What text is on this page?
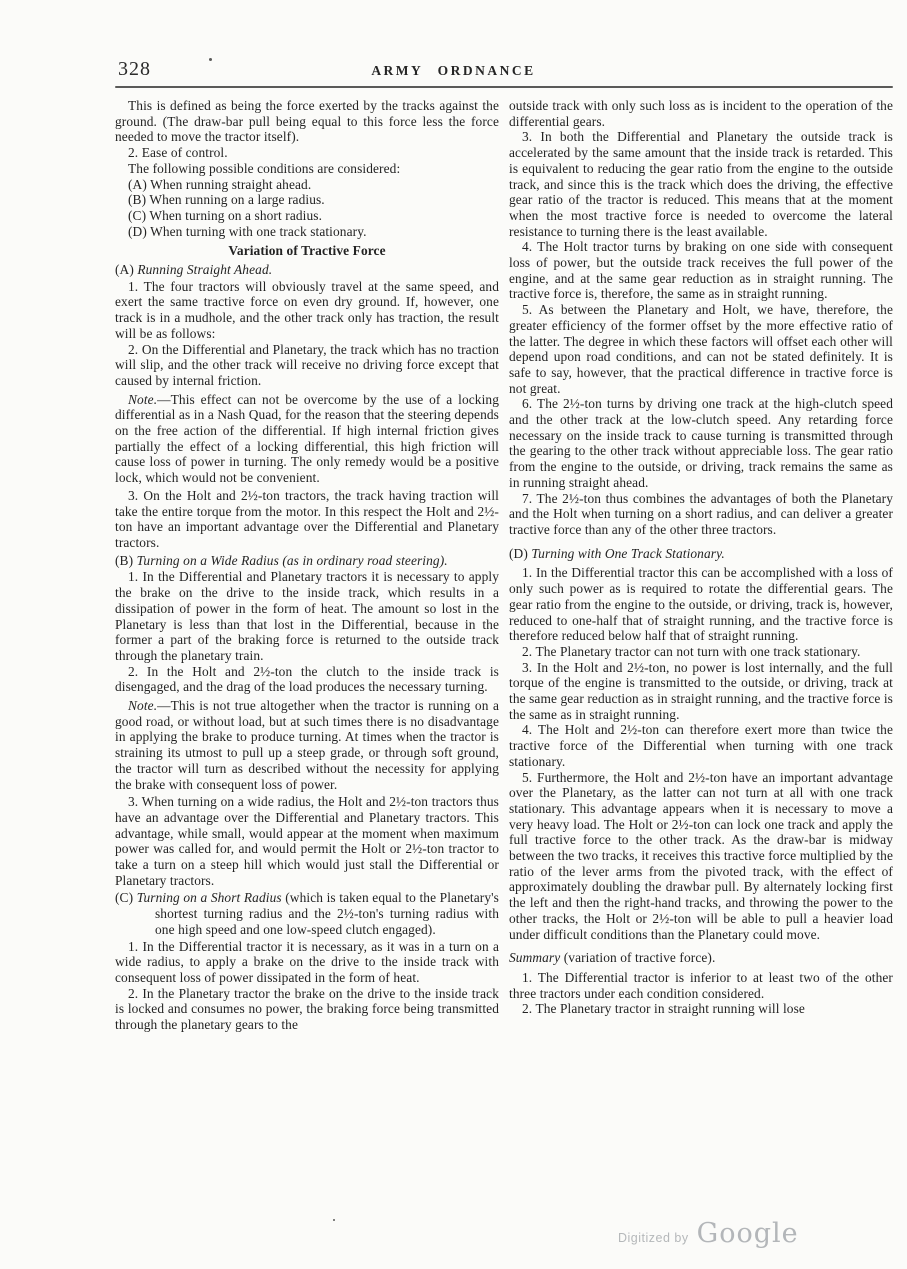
328	ARMY ORDNANCE

This is defined as being the force exerted by the tracks against the ground. (The draw-bar pull being equal to this force less the force needed to move the tractor itself).

2. Ease of control.

The following possible conditions are considered:

(A) When running straight ahead.

(B) When running on a large radius.

(C) When turning on a short radius.

(D) When turning with one track stationary.

Variation of Tractive Force

(A) Running Straight Ahead.

1. The four tractors will obviously travel at the same speed, and exert the same tractive force on even dry ground. If, however, one track is in a mudhole, and the other track only has traction, the result will be as follows:

2. On the Differential and Planetary, the track which has no traction will slip, and the other track will receive no driving force except that caused by internal friction.

Note.—This effect can not be overcome by the use of a locking differential as in a Nash Quad, for the reason that the steering depends on the free action of the differential. If high internal friction gives partially the effect of a locking differential, this high friction will cause loss of power in turning. The only remedy would be a positive lock, which would not be convenient.

3. On the Holt and 2½-ton tractors, the track having traction will take the entire torque from the motor. In this respect the Holt and 2½-ton have an important advantage over the Differential and Planetary tractors.

(B) Turning on a Wide Radius (as in ordinary road steering).

1. In the Differential and Planetary tractors it is necessary to apply the brake on the drive to the inside track, which results in a dissipation of power in the form of heat. The amount so lost in the Planetary is less than that lost in the Differential, because in the former a part of the braking force is returned to the outside track through the planetary train.

2. In the Holt and 2½-ton the clutch to the inside track is disengaged, and the drag of the load produces the necessary turning.

Note.—This is not true altogether when the tractor is running on a good road, or without load, but at such times there is no disadvantage in applying the brake to produce turning. At times when the tractor is straining its utmost to pull up a steep grade, or through soft ground, the tractor will turn as described without the necessity for applying the brake with consequent loss of power.

3. When turning on a wide radius, the Holt and 2½-ton tractors thus have an advantage over the Differential and Planetary tractors. This advantage, while small, would appear at the moment when maximum power was called for, and would permit the Holt or 2½-ton tractor to take a turn on a steep hill which would just stall the Differential or Planetary tractors.

(C) Turning on a Short Radius (which is taken equal to the Planetary's shortest turning radius and the 2½-ton's turning radius with one high speed and one low-speed clutch engaged).

1. In the Differential tractor it is necessary, as it was in a turn on a wide radius, to apply a brake on the drive to the inside track with consequent loss of power dissipated in the form of heat.

2. In the Planetary tractor the brake on the drive to the inside track is locked and consumes no power, the braking force being transmitted through the planetary gears to the

outside track with only such loss as is incident to the operation of the differential gears.

3. In both the Differential and Planetary the outside track is accelerated by the same amount that the inside track is retarded. This is equivalent to reducing the gear ratio from the engine to the outside track, and since this is the track which does the driving, the effective gear ratio of the tractor is reduced. This means that at the moment when the most tractive force is needed to overcome the lateral resistance to turning there is the least available.

4. The Holt tractor turns by braking on one side with consequent loss of power, but the outside track receives the full power of the engine, and at the same gear reduction as in straight running. The tractive force is, therefore, the same as in straight running.

5. As between the Planetary and Holt, we have, therefore, the greater efficiency of the former offset by the more effective ratio of the latter. The degree in which these factors will offset each other will depend upon road conditions, and can not be stated definitely. It is safe to say, however, that the practical difference in tractive force is not great.

6. The 2½-ton turns by driving one track at the high-clutch speed and the other track at the low-clutch speed. Any retarding force necessary on the inside track to cause turning is transmitted through the gearing to the other track without appreciable loss. The gear ratio from the engine to the outside, or driving, track remains the same as in running straight ahead.

7. The 2½-ton thus combines the advantages of both the Planetary and the Holt when turning on a short radius, and can deliver a greater tractive force than any of the other three tractors.

(D) Turning with One Track Stationary.

1. In the Differential tractor this can be accomplished with a loss of only such power as is required to rotate the differential gears. The gear ratio from the engine to the outside, or driving, track is, however, reduced to one-half that of straight running, and the tractive force is therefore reduced below half that of straight running.

2. The Planetary tractor can not turn with one track stationary.

3. In the Holt and 2½-ton, no power is lost internally, and the full torque of the engine is transmitted to the outside, or driving, track at the same gear reduction as in straight running, and the tractive force is the same as in straight running.

4. The Holt and 2½-ton can therefore exert more than twice the tractive force of the Differential when turning with one track stationary.

5. Furthermore, the Holt and 2½-ton have an important advantage over the Planetary, as the latter can not turn at all with one track stationary. This advantage appears when it is necessary to move a very heavy load. The Holt or 2½-ton can lock one track and apply the full tractive force to the other track. As the draw-bar is midway between the two tracks, it receives this tractive force multiplied by the ratio of the lever arms from the pivoted track, with the effect of approximately doubling the drawbar pull. By alternately locking first the left and then the right-hand tracks, and throwing the power to the other tracks, the Holt or 2½-ton will be able to pull a heavier load under difficult conditions than the Planetary could move.

Summary (variation of tractive force).

1. The Differential tractor is inferior to at least two of the other three tractors under each condition considered.

2. The Planetary tractor in straight running will lose

Digitized by Google
